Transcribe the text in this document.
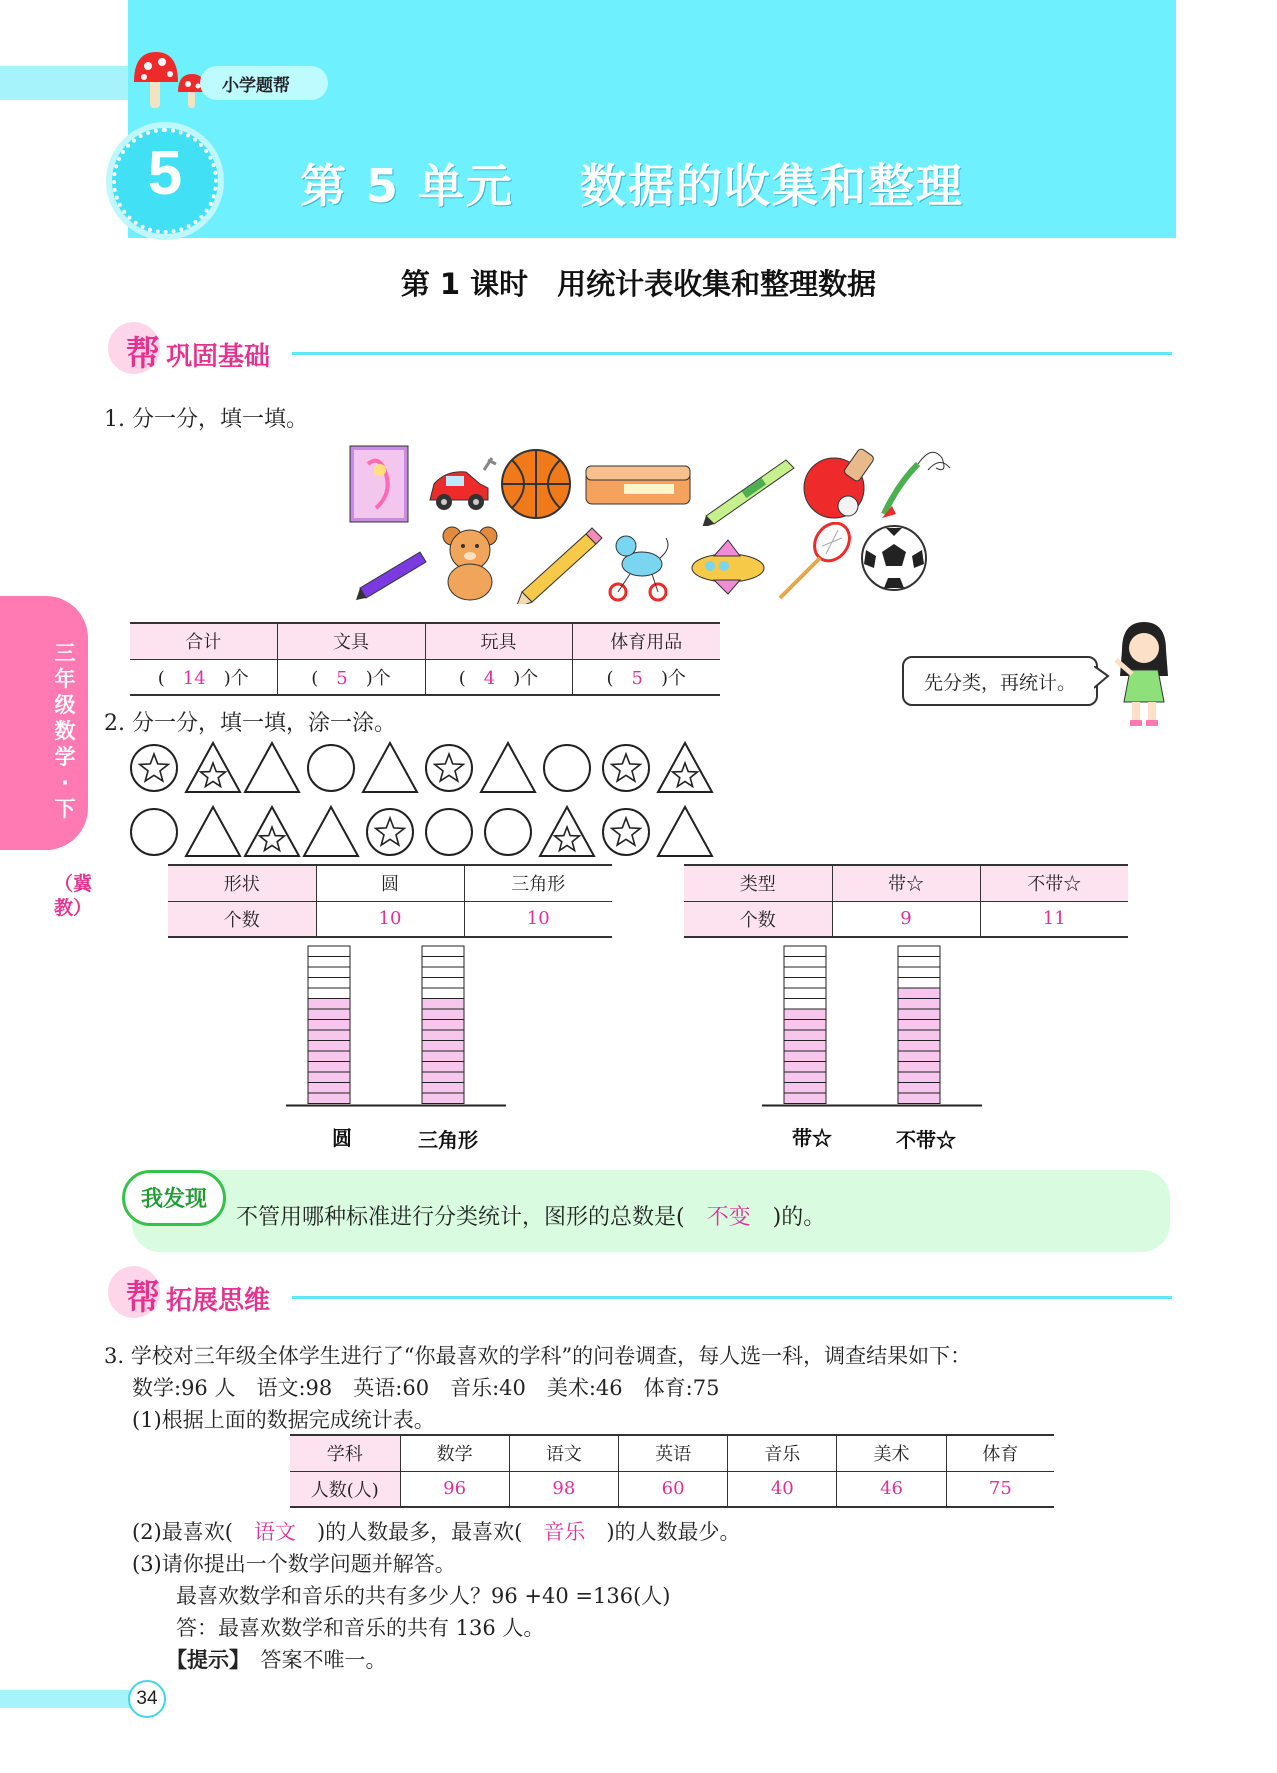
小学题帮
5	第 5 单元　 数据的收集和整理
第 1 课时　用统计表收集和整理数据
帮 巩固基础
三年级数学·下
（冀教）
1. 分一分，填一填。
合计	文具	玩具	体育用品
(　 14　 )个	(　 5　 )个	(　 4　 )个	(　 5　 )个	先分类，再统计。
2. 分一分，填一填，涂一涂。
形状	圆	三角形
个数	10	10
类型	带☆	不带☆
个数	9	11
圆	三角形	带☆	不带☆
我发现
不管用哪种标准进行分类统计，图形的总数是(　 不变　 )的。
帮 拓展思维
3. 学校对三年级全体学生进行了“你最喜欢的学科”的问卷调查，每人选一科，调查结果如下：
数学:96 人　语文:98　英语:60　音乐:40　美术:46　体育:75
(1)根据上面的数据完成统计表。
学科	数学	语文	英语	音乐	美术	体育
人数(人)	96	98	60	40	46	75
(2)最喜欢(　 语文　 )的人数最多，最喜欢(　 音乐　 )的人数最少。
(3)请你提出一个数学问题并解答。
最喜欢数学和音乐的共有多少人？96 +40 =136(人)
答：最喜欢数学和音乐的共有 136 人。
【提示】　 答案不唯一。
34
